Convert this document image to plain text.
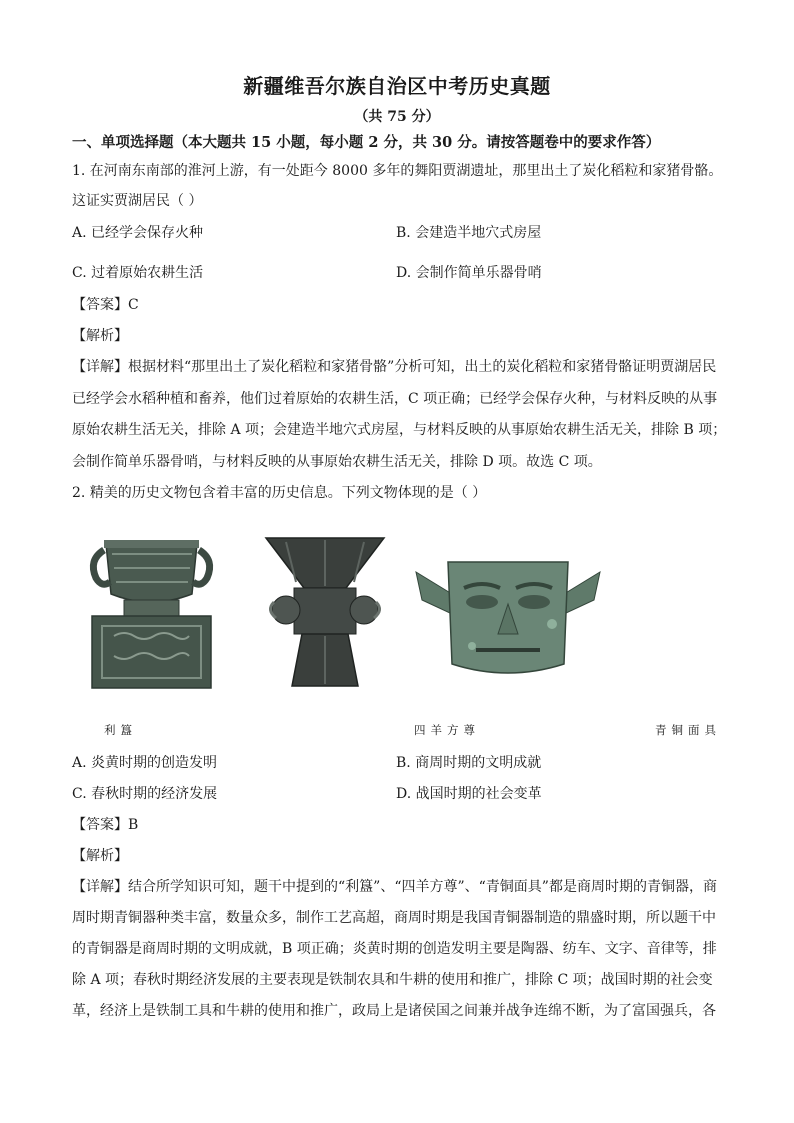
新疆维吾尔族自治区中考历史真题
（共 75 分）
一、单项选择题（本大题共 15 小题，每小题 2 分，共 30 分。请按答题卷中的要求作答）
1. 在河南东南部的淮河上游，有一处距今 8000 多年的舞阳贾湖遗址，那里出土了炭化稻粒和家猪骨骼。
这证实贾湖居民（ ）
A. 已经学会保存火种	B. 会建造半地穴式房屋
C. 过着原始农耕生活	D. 会制作简单乐器骨哨
【答案】C
【解析】
【详解】根据材料“那里出土了炭化稻粒和家猪骨骼”分析可知，出土的炭化稻粒和家猪骨骼证明贾湖居民
已经学会水稻种植和畜养，他们过着原始的农耕生活，C 项正确；已经学会保存火种，与材料反映的从事
原始农耕生活无关，排除 A 项；会建造半地穴式房屋，与材料反映的从事原始农耕生活无关，排除 B 项；
会制作简单乐器骨哨，与材料反映的从事原始农耕生活无关，排除 D 项。故选 C 项。
2. 精美的历史文物包含着丰富的历史信息。下列文物体现的是（ ）
利簋	四羊方尊	青铜面具
A. 炎黄时期的创造发明	B. 商周时期的文明成就
C. 春秋时期的经济发展	D. 战国时期的社会变革
【答案】B
【解析】
【详解】结合所学知识可知，题干中提到的“利簋”、“四羊方尊”、“青铜面具”都是商周时期的青铜器，商
周时期青铜器种类丰富，数量众多，制作工艺高超，商周时期是我国青铜器制造的鼎盛时期，所以题干中
的青铜器是商周时期的文明成就，B 项正确；炎黄时期的创造发明主要是陶器、纺车、文字、音律等，排
除 A 项；春秋时期经济发展的主要表现是铁制农具和牛耕的使用和推广，排除 C 项；战国时期的社会变
革，经济上是铁制工具和牛耕的使用和推广，政局上是诸侯国之间兼并战争连绵不断，为了富国强兵，各
